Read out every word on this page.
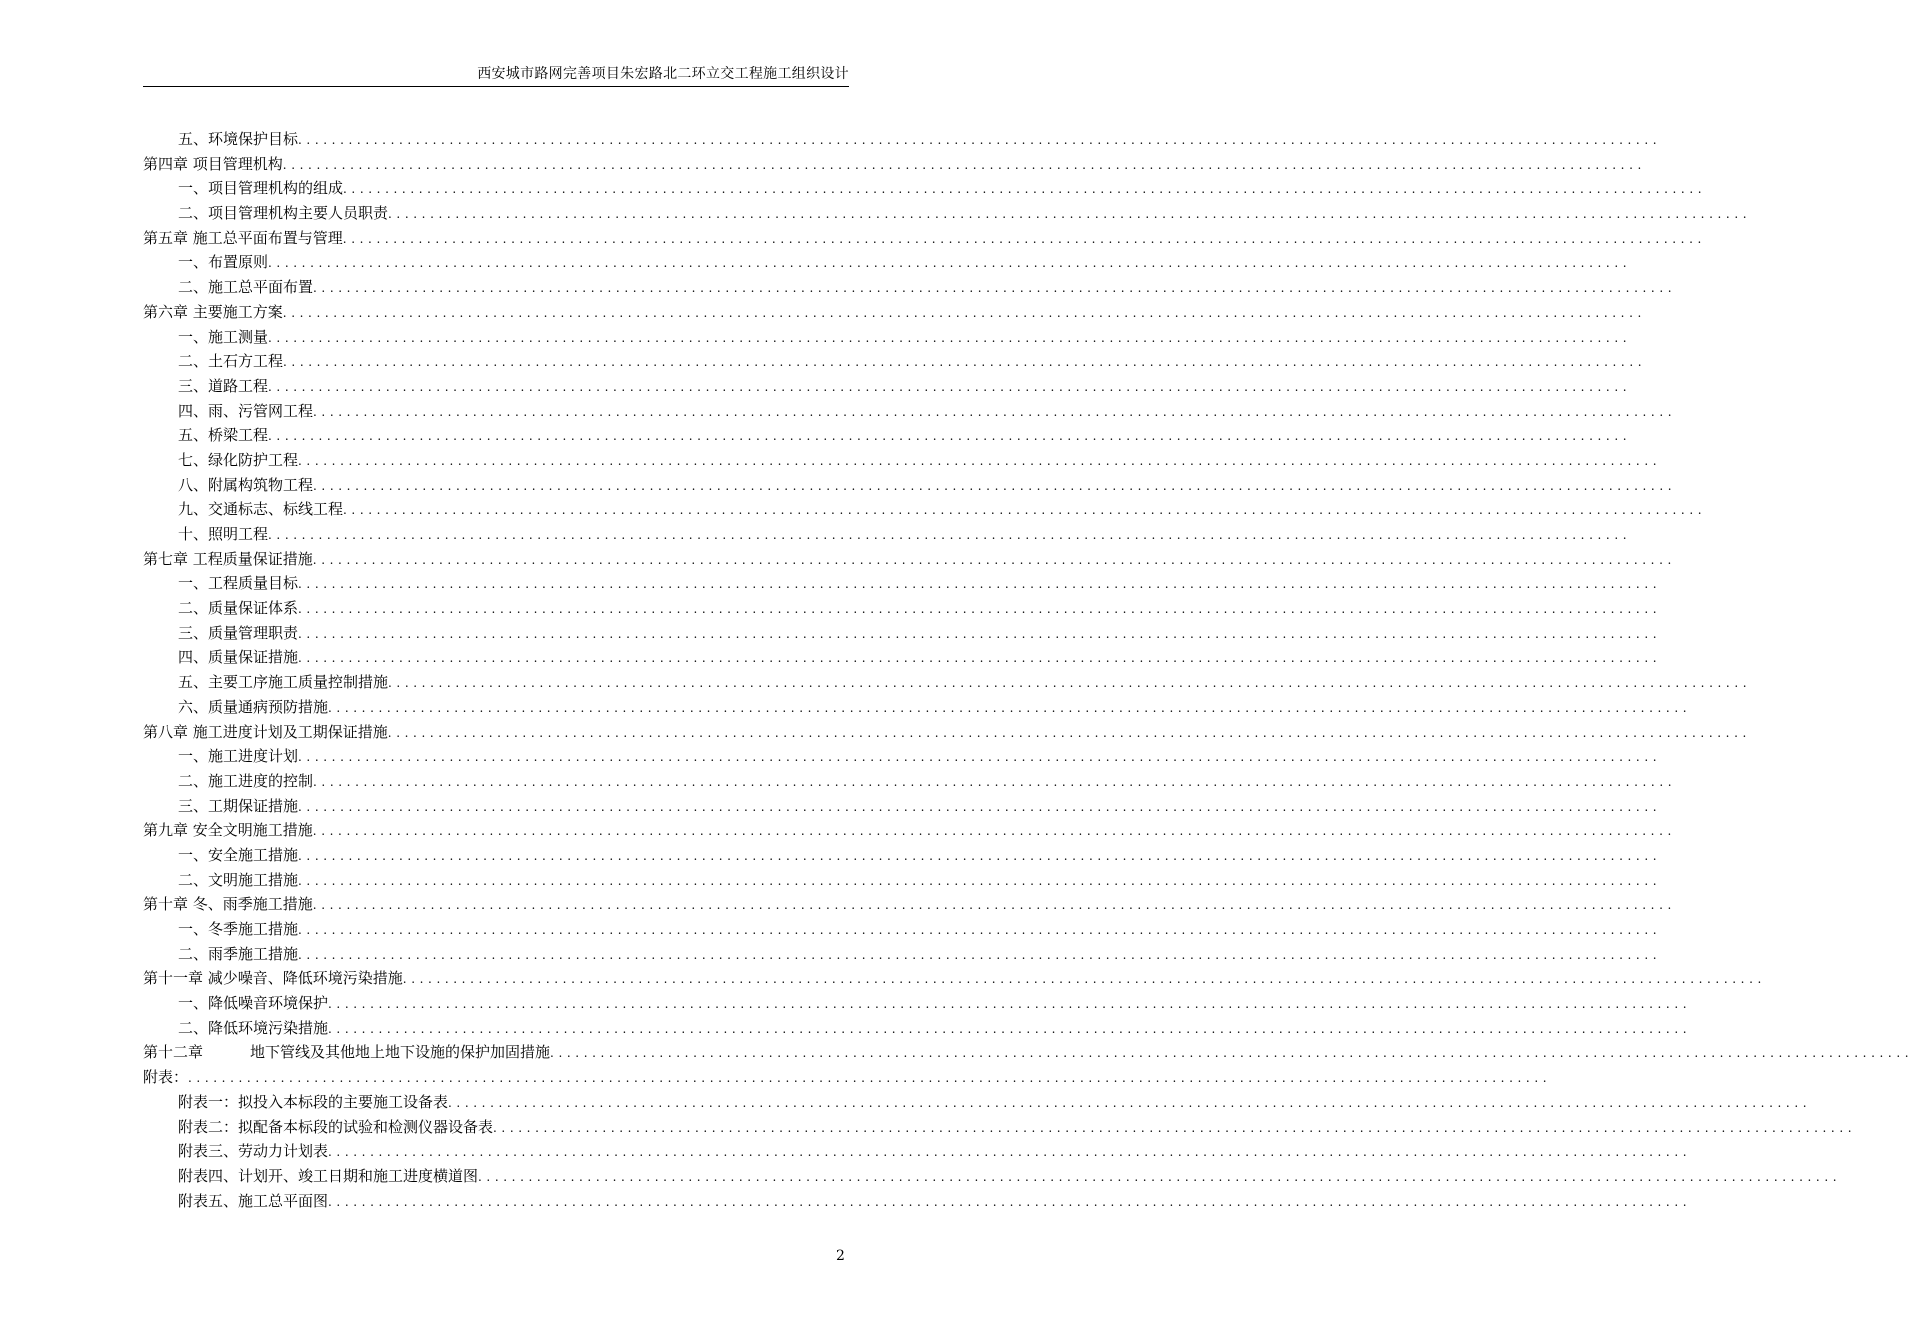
西安城市路网完善项目朱宏路北二环立交工程施工组织设计
五、环境保护目标 ..................................................................................................................................................................
第四章 项目管理机构 ..................................................................................................................................................................
一、项目管理机构的组成 ..................................................................................................................................................................
二、项目管理机构主要人员职责 ..................................................................................................................................................................
第五章 施工总平面布置与管理 ..................................................................................................................................................................
一、布置原则 ..................................................................................................................................................................
二、施工总平面布置 ..................................................................................................................................................................
第六章 主要施工方案 ..................................................................................................................................................................
一、施工测量 ..................................................................................................................................................................
二、土石方工程 ..................................................................................................................................................................
三、道路工程 ..................................................................................................................................................................
四、雨、污管网工程 ..................................................................................................................................................................
五、桥梁工程 ..................................................................................................................................................................
七、绿化防护工程 ..................................................................................................................................................................
八、附属构筑物工程 ..................................................................................................................................................................
九、交通标志、标线工程 ..................................................................................................................................................................
十、照明工程 ..................................................................................................................................................................
第七章 工程质量保证措施 ..................................................................................................................................................................
一、工程质量目标 ..................................................................................................................................................................
二、质量保证体系 ..................................................................................................................................................................
三、质量管理职责 ..................................................................................................................................................................
四、质量保证措施 ..................................................................................................................................................................
五、主要工序施工质量控制措施 ..................................................................................................................................................................
六、质量通病预防措施 ..................................................................................................................................................................
第八章 施工进度计划及工期保证措施 ..................................................................................................................................................................
一、施工进度计划 ..................................................................................................................................................................
二、施工进度的控制 ..................................................................................................................................................................
三、工期保证措施 ..................................................................................................................................................................
第九章 安全文明施工措施 ..................................................................................................................................................................
一、安全施工措施 ..................................................................................................................................................................
二、文明施工措施 ..................................................................................................................................................................
第十章 冬、雨季施工措施 ..................................................................................................................................................................
一、冬季施工措施 ..................................................................................................................................................................
二、雨季施工措施 ..................................................................................................................................................................
第十一章 减少噪音、降低环境污染措施 ..................................................................................................................................................................
一、降低噪音环境保护 ..................................................................................................................................................................
二、降低环境污染措施 ..................................................................................................................................................................
第十二章	地下管线及其他地上地下设施的保护加固措施 ..................................................................................................................................................................
附表： ..................................................................................................................................................................
附表一：拟投入本标段的主要施工设备表 ..................................................................................................................................................................
附表二：拟配备本标段的试验和检测仪器设备表 ..................................................................................................................................................................
附表三、劳动力计划表 ..................................................................................................................................................................
附表四、计划开、竣工日期和施工进度横道图 ..................................................................................................................................................................
附表五、施工总平面图 ..................................................................................................................................................................
2
